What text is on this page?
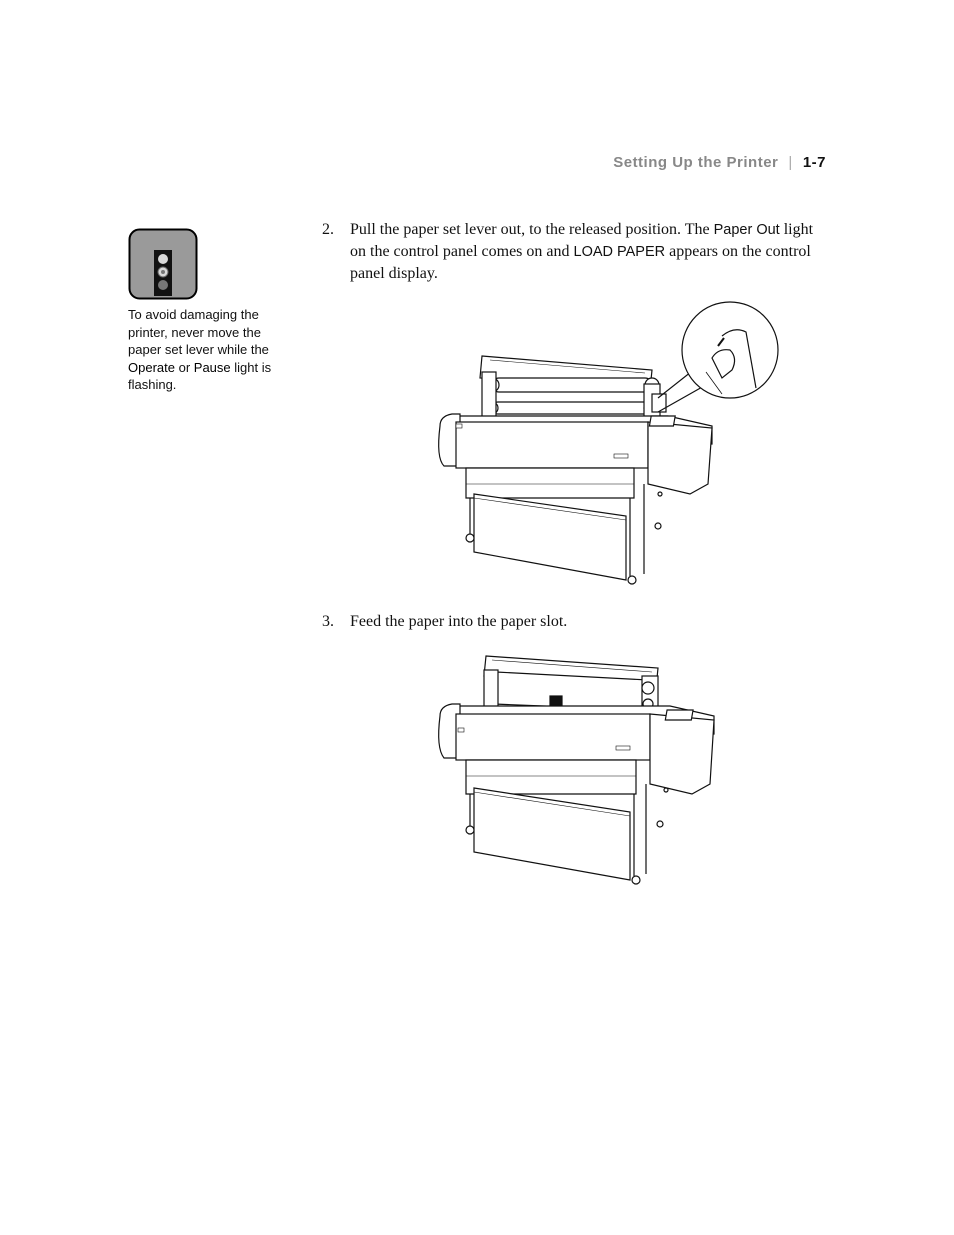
Setting Up the Printer | 1-7
To avoid damaging the printer, never move the paper set lever while the Operate or Pause light is flashing.
2. Pull the paper set lever out, to the released position. The Paper Out light on the control panel comes on and LOAD PAPER appears on the control panel display.
3. Feed the paper into the paper slot.
